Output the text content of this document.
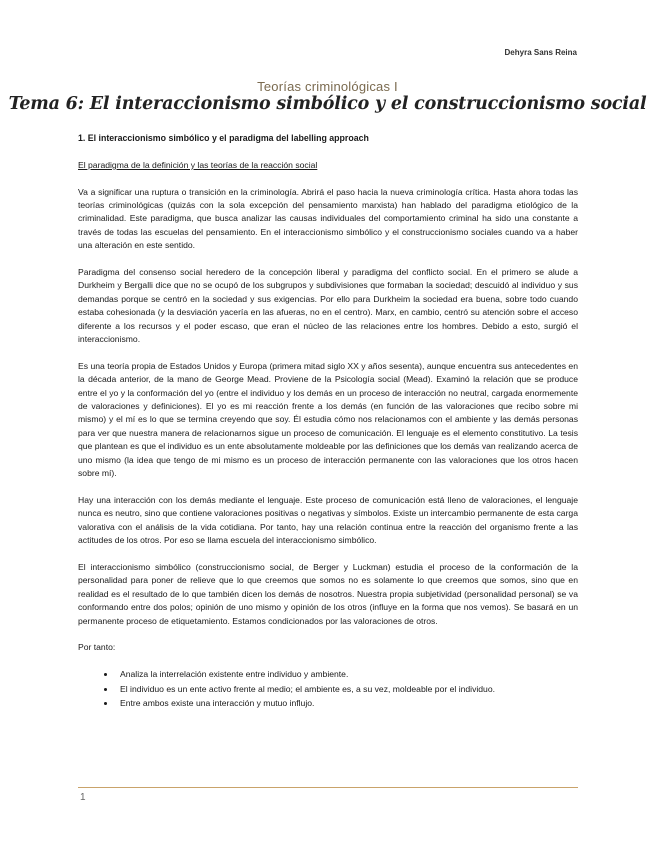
Dehyra Sans Reina
Teorías criminológicas I
Tema 6: El interaccionismo simbólico y el construccionismo social

1. El interaccionismo simbólico y el paradigma del labelling approach

El paradigma de la definición y las teorías de la reacción social

Va a significar una ruptura o transición en la criminología. Abrirá el paso hacia la nueva criminología crítica. Hasta ahora todas las teorías criminológicas (quizás con la sola excepción del pensamiento marxista) han hablado del paradigma etiológico de la criminalidad. Este paradigma, que busca analizar las causas individuales del comportamiento criminal ha sido una constante a través de todas las escuelas del pensamiento. En el interaccionismo simbólico y el construccionismo sociales cuando va a haber una alteración en este sentido.

Paradigma del consenso social heredero de la concepción liberal y paradigma del conflicto social. En el primero se alude a Durkheim y Bergalli dice que no se ocupó de los subgrupos y subdivisiones que formaban la sociedad; descuidó al individuo y sus demandas porque se centró en la sociedad y sus exigencias. Por ello para Durkheim la sociedad era buena, sobre todo cuando estaba cohesionada (y la desviación yacería en las afueras, no en el centro). Marx, en cambio, centró su atención sobre el acceso diferente a los recursos y el poder escaso, que eran el núcleo de las relaciones entre los hombres. Debido a esto, surgió el interaccionismo.

Es una teoría propia de Estados Unidos y Europa (primera mitad siglo XX y años sesenta), aunque encuentra sus antecedentes en la década anterior, de la mano de George Mead. Proviene de la Psicología social (Mead). Examinó la relación que se produce entre el yo y la conformación del yo (entre el individuo y los demás en un proceso de interacción no neutral, cargada enormemente de valoraciones y definiciones). El yo es mi reacción frente a los demás (en función de las valoraciones que recibo sobre mi mismo) y el mí es lo que se termina creyendo que soy. Él estudia cómo nos relacionamos con el ambiente y las demás personas para ver que nuestra manera de relacionarnos sigue un proceso de comunicación. El lenguaje es el elemento constitutivo. La tesis que plantean es que el individuo es un ente absolutamente moldeable por las definiciones que los demás van realizando acerca de uno mismo (la idea que tengo de mi mismo es un proceso de interacción permanente con las valoraciones que los otros hacen sobre mí).

Hay una interacción con los demás mediante el lenguaje. Este proceso de comunicación está lleno de valoraciones, el lenguaje nunca es neutro, sino que contiene valoraciones positivas o negativas y símbolos. Existe un intercambio permanente de esta carga valorativa con el análisis de la vida cotidiana. Por tanto, hay una relación continua entre la reacción del organismo frente a las actitudes de los otros. Por eso se llama escuela del interaccionismo simbólico.

El interaccionismo simbólico (construccionismo social, de Berger y Luckman) estudia el proceso de la conformación de la personalidad para poner de relieve que lo que creemos que somos no es solamente lo que creemos que somos, sino que en realidad es el resultado de lo que también dicen los demás de nosotros. Nuestra propia subjetividad (personalidad personal) se va conformando entre dos polos; opinión de uno mismo y opinión de los otros (influye en la forma que nos vemos). Se basará en un permanente proceso de etiquetamiento. Estamos condicionados por las valoraciones de otros.

Por tanto:

• Analiza la interrelación existente entre individuo y ambiente.
• El individuo es un ente activo frente al medio; el ambiente es, a su vez, moldeable por el individuo.
• Entre ambos existe una interacción y mutuo influjo.
1
